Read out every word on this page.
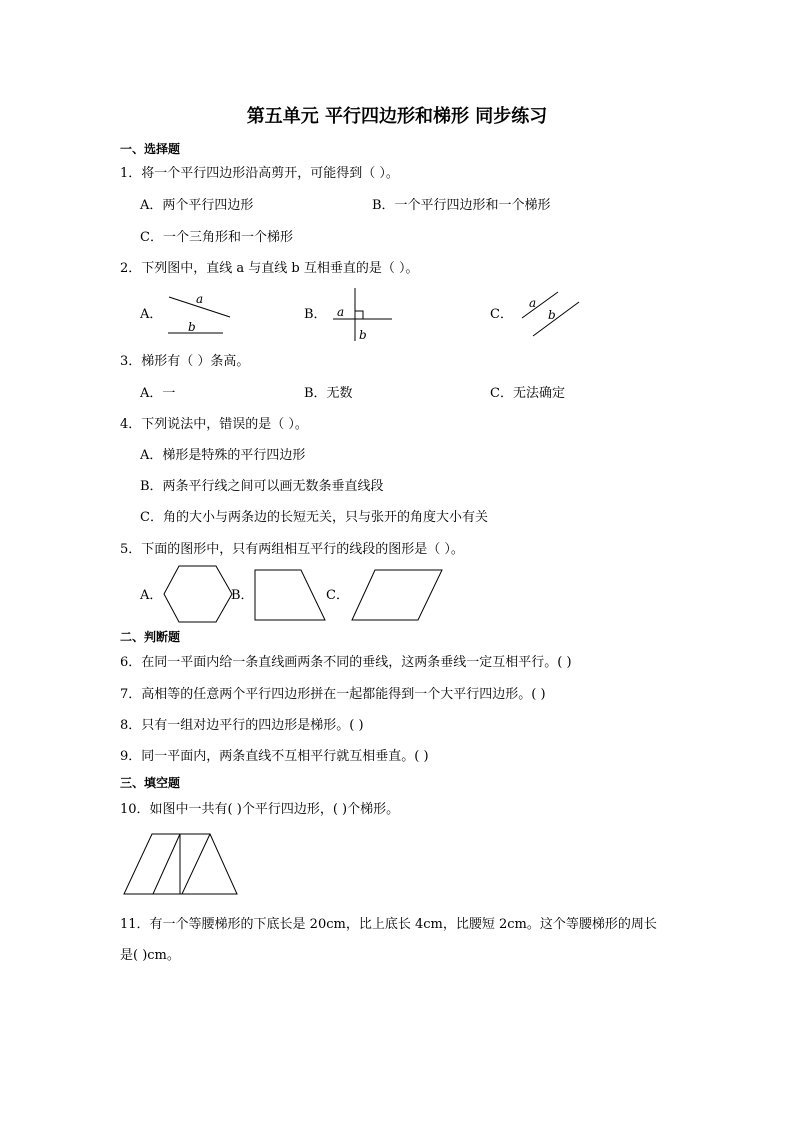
第五单元 平行四边形和梯形 同步练习
一、选择题
1．将一个平行四边形沿高剪开，可能得到（ ）。
A．两个平行四边形	B．一个平行四边形和一个梯形
C．一个三角形和一个梯形
2．下列图中，直线 a 与直线 b 互相垂直的是（ ）。
A．
a
b
B． a
b
C．
a
b
3．梯形有（ ）条高。
A．一	B．无数	C．无法确定
4．下列说法中，错误的是（ ）。
A．梯形是特殊的平行四边形
B．两条平行线之间可以画无数条垂直线段
C．角的大小与两条边的长短无关，只与张开的角度大小有关
5．下面的图形中，只有两组相互平行的线段的图形是（ ）。
A．	B．	C．
二、判断题
6．在同一平面内给一条直线画两条不同的垂线，这两条垂线一定互相平行。( )
7．高相等的任意两个平行四边形拼在一起都能得到一个大平行四边形。( )
8．只有一组对边平行的四边形是梯形。( )
9．同一平面内，两条直线不互相平行就互相垂直。( )
三、填空题
10．如图中一共有( )个平行四边形，( )个梯形。
11．有一个等腰梯形的下底长是 20cm，比上底长 4cm，比腰短 2cm。这个等腰梯形的周长
是( )cm。
